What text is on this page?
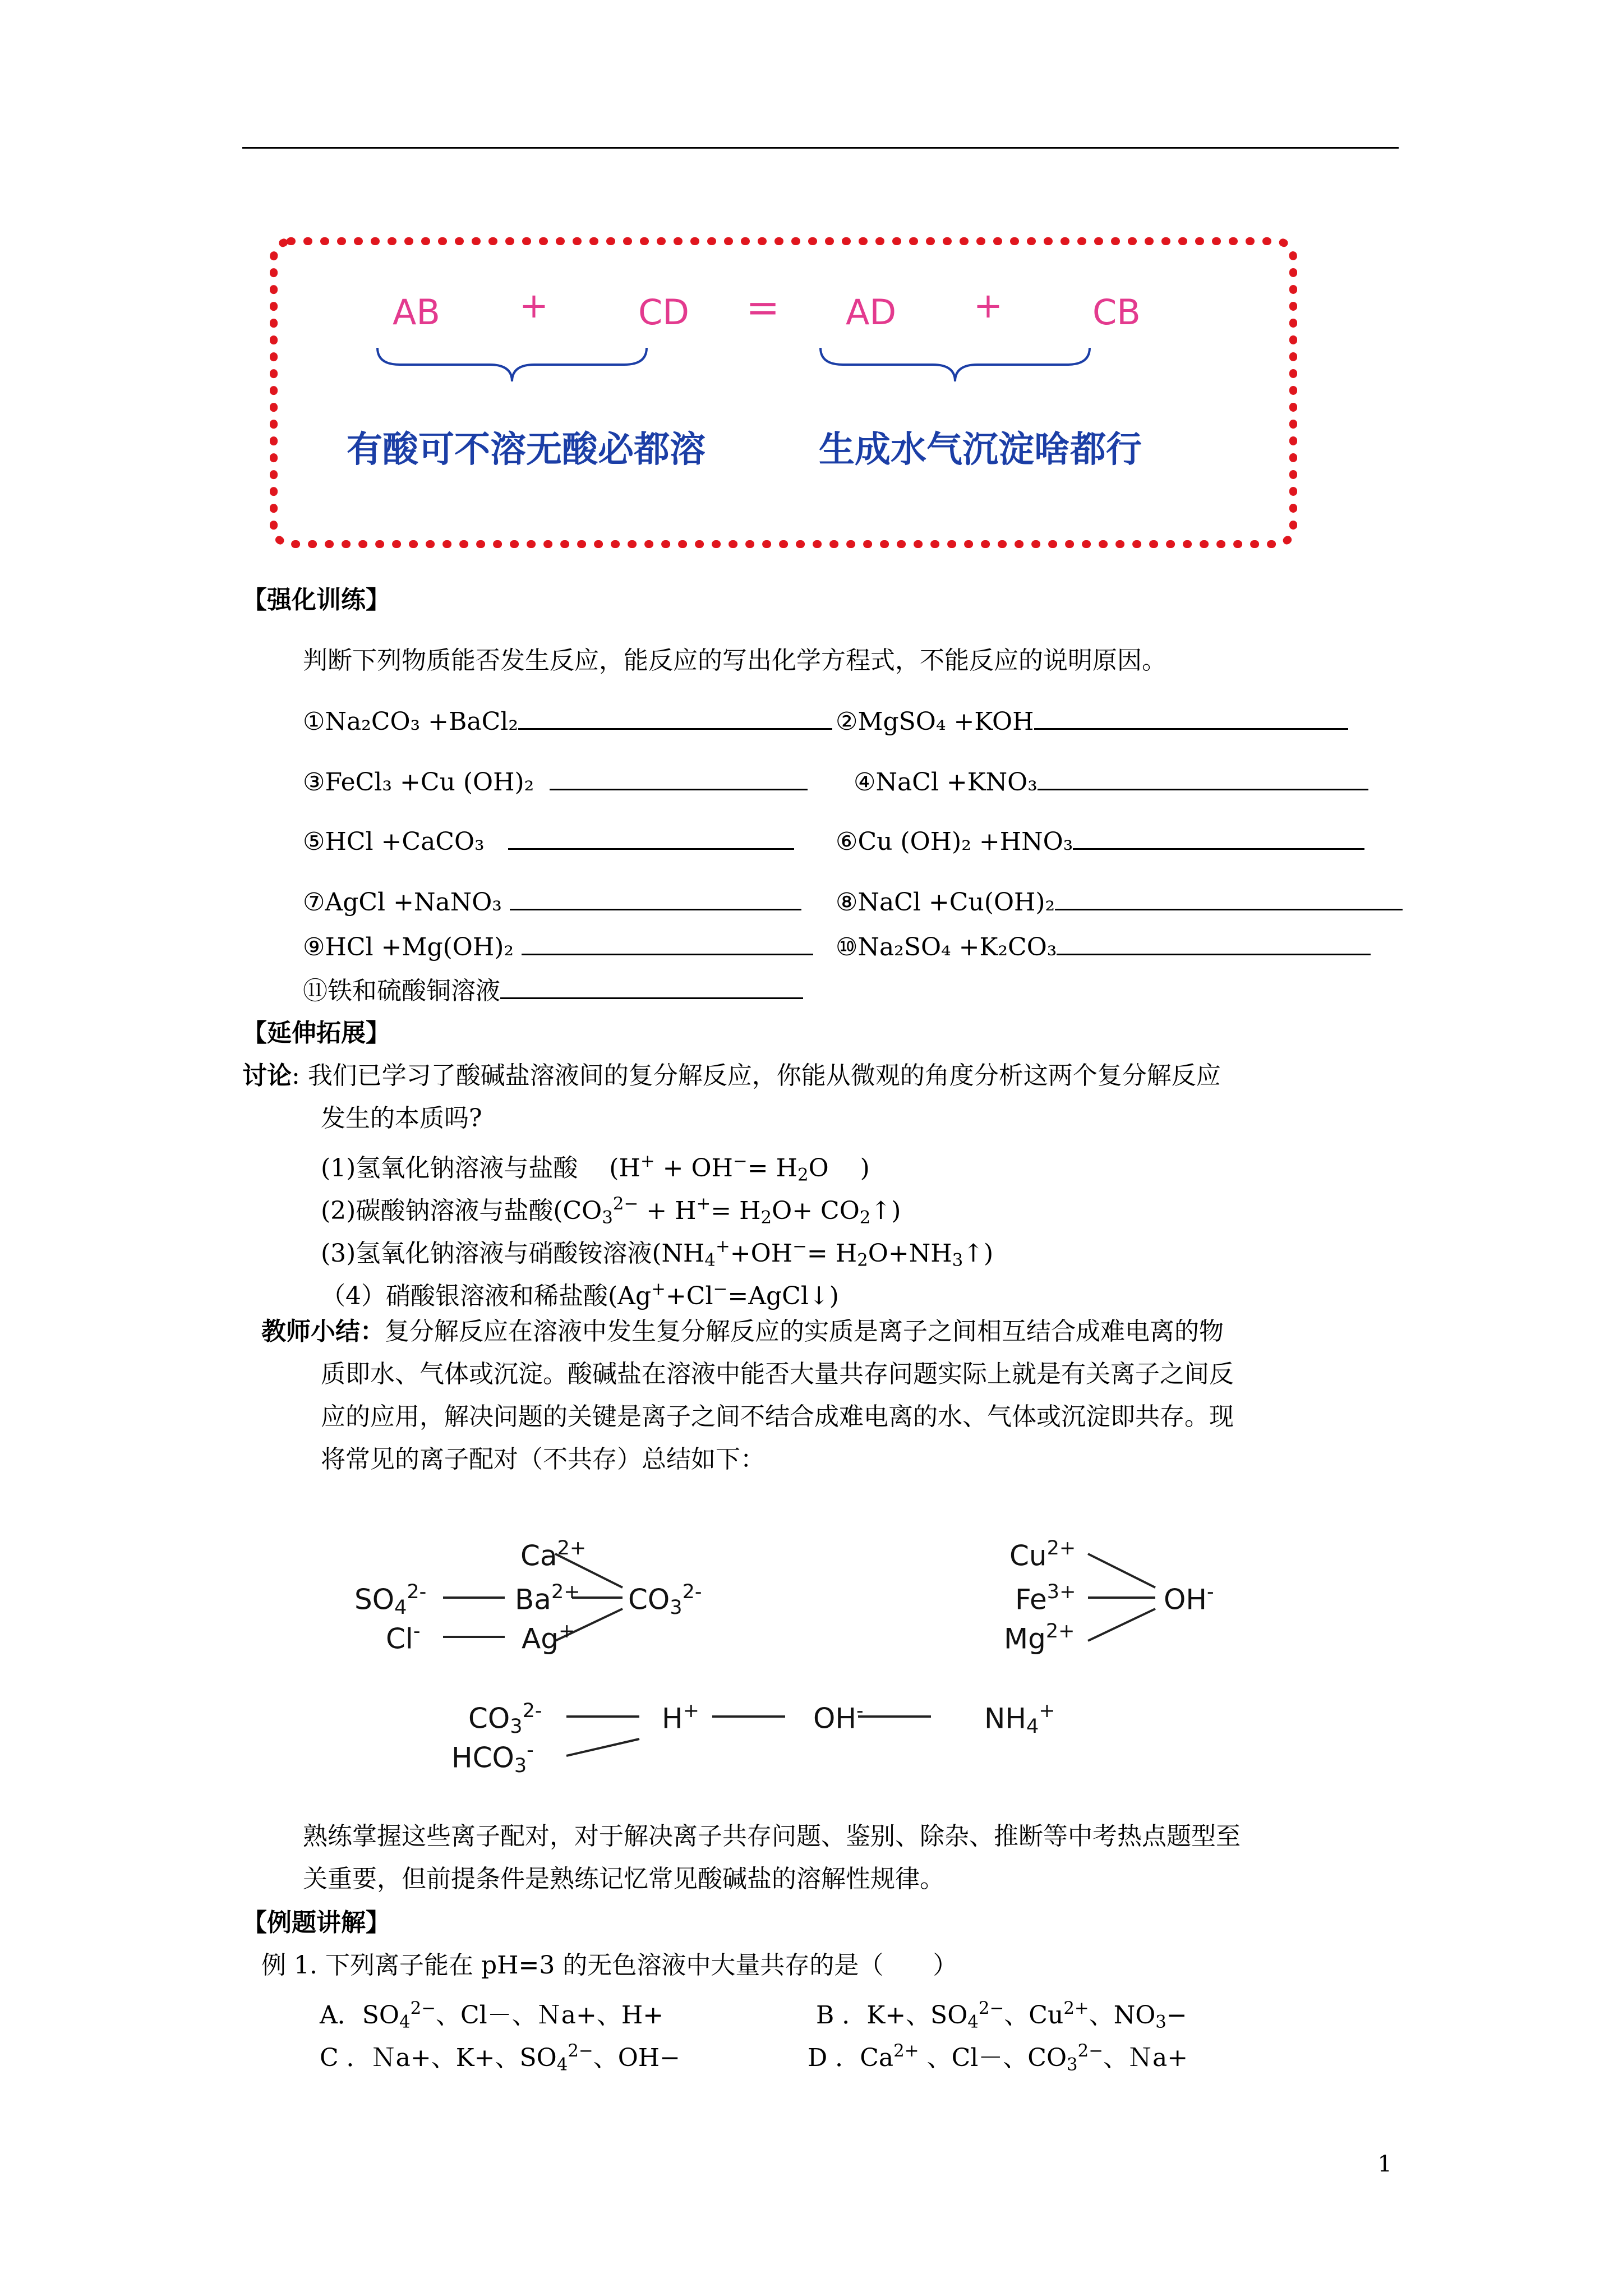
AB +	CD = AD +	CB
有酸可不溶无酸必都溶	生成水气沉淀啥都行
【强化训练】
判断下列物质能否发生反应，能反应的写出化学方程式，不能反应的说明原因。
①Na₂CO₃ +BaCl₂	②MgSO₄ +KOH
③FeCl₃ +Cu (OH)₂	④NaCl +KNO₃
⑤HCl +CaCO₃	⑥Cu (OH)₂ +HNO₃
⑦AgCl +NaNO₃	⑧NaCl +Cu(OH)₂
⑨HCl +Mg(OH)₂	⑩Na₂SO₄ +K₂CO₃
⑪铁和硫酸铜溶液
【延伸拓展】
讨论: 我们已学习了酸碱盐溶液间的复分解反应，你能从微观的角度分析这两个复分解反应
发生的本质吗?
(1)氢氧化钠溶液与盐酸    ($H^+ + OH^-= H_2O$    )
(2)碳酸钠溶液与盐酸($CO_3^{2-} + H^+= H_2O+$ $CO_2↑$)
(3)氢氧化钠溶液与硝酸铵溶液($NH_4^++OH^-=$ $H_2O+NH_3↑$)
（4）硝酸银溶液和稀盐酸(Ag++Cl−=AgCl↓)
教师小结：复分解反应在溶液中发生复分解反应的实质是离子之间相互结合成难电离的物
质即水、气体或沉淀。酸碱盐在溶液中能否大量共存问题实际上就是有关离子之间反
应的应用，解决问题的关键是离子之间不结合成难电离的水、气体或沉淀即共存。现
将常见的离子配对（不共存）总结如下：
$Ca^{2+}$
$SO_4^{2-}$	$Ba^{2+}$ $CO_3^{2-}$
Cl-	Ag+
$Cu^{2+}$
$Fe^{3+}$	OH-
$Mg^{2+}$
$CO_3^{2-}$	H+	OH-	$NH_4^+$
$HCO_3^-$
熟练掌握这些离子配对，对于解决离子共存问题、鉴别、除杂、推断等中考热点题型至
关重要，但前提条件是熟练记忆常见酸碱盐的溶解性规律。
【例题讲解】
例 1. 下列离子能在 pH=3 的无色溶液中大量共存的是（　　）
A．$SO_4^{2-}$、Cl－、Ｎa+、H+	B ．K+、$SO_4^{2-}$、$Cu^{2+}$、$NO_3-$
C ．Ｎa+、K+、$SO_4^{2-}$、OH−	D ．$Ca^{2+}$ 、Cl－、$CO_3^{2-}$、Ｎa+
1
